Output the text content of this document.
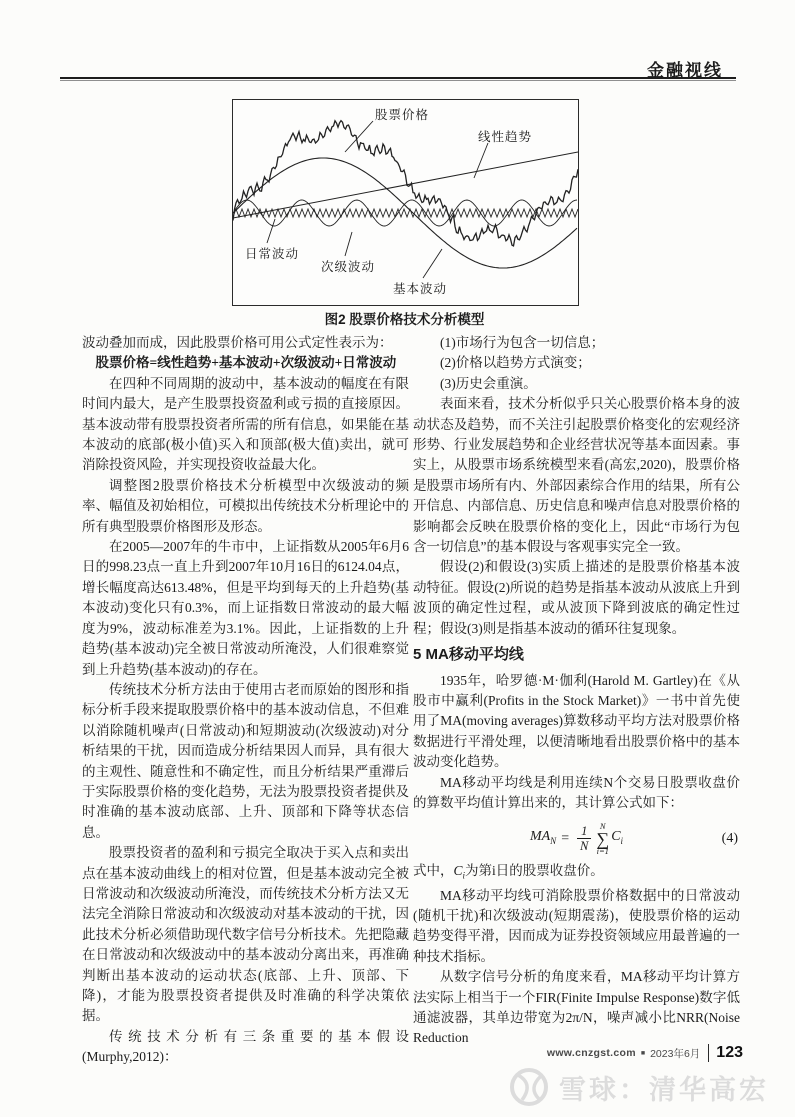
金融视线
股票价格
线性趋势
日常波动
次级波动
基本波动
图2 股票价格技术分析模型

波动叠加而成，因此股票价格可用公式定性表示为：

股票价格=线性趋势+基本波动+次级波动+日常波动

在四种不同周期的波动中，基本波动的幅度在有限时间内最大，是产生股票投资盈利或亏损的直接原因。基本波动带有股票投资者所需的所有信息，如果能在基本波动的底部(极小值)买入和顶部(极大值)卖出，就可消除投资风险，并实现投资收益最大化。

调整图2股票价格技术分析模型中次级波动的频率、幅值及初始相位，可模拟出传统技术分析理论中的所有典型股票价格图形及形态。

在2005—2007年的牛市中，上证指数从2005年6月6日的998.23点一直上升到2007年10月16日的6124.04点，增长幅度高达613.48%，但是平均到每天的上升趋势(基本波动)变化只有0.3%，而上证指数日常波动的最大幅度为9%，波动标准差为3.1%。因此，上证指数的上升趋势(基本波动)完全被日常波动所淹没，人们很难察觉到上升趋势(基本波动)的存在。

传统技术分析方法由于使用古老而原始的图形和指标分析手段来提取股票价格中的基本波动信息，不但难以消除随机噪声(日常波动)和短期波动(次级波动)对分析结果的干扰，因而造成分析结果因人而异，具有很大的主观性、随意性和不确定性，而且分析结果严重滞后于实际股票价格的变化趋势，无法为股票投资者提供及时准确的基本波动底部、上升、顶部和下降等状态信息。

股票投资者的盈利和亏损完全取决于买入点和卖出点在基本波动曲线上的相对位置，但是基本波动完全被日常波动和次级波动所淹没，而传统技术分析方法又无法完全消除日常波动和次级波动对基本波动的干扰，因此技术分析必须借助现代数字信号分析技术。先把隐藏在日常波动和次级波动中的基本波动分离出来，再准确判断出基本波动的运动状态(底部、上升、顶部、下降)，才能为股票投资者提供及时准确的科学决策依据。

传统技术分析有三条重要的基本假设(Murphy,2012)：

(1)市场行为包含一切信息；

(2)价格以趋势方式演变；

(3)历史会重演。

表面来看，技术分析似乎只关心股票价格本身的波动状态及趋势，而不关注引起股票价格变化的宏观经济形势、行业发展趋势和企业经营状况等基本面因素。事实上，从股票市场系统模型来看(高宏,2020)，股票价格是股票市场所有内、外部因素综合作用的结果，所有公开信息、内部信息、历史信息和噪声信息对股票价格的影响都会反映在股票价格的变化上，因此“市场行为包含一切信息”的基本假设与客观事实完全一致。

假设(2)和假设(3)实质上描述的是股票价格基本波动特征。假设(2)所说的趋势是指基本波动从波底上升到波顶的确定性过程，或从波顶下降到波底的确定性过程；假设(3)则是指基本波动的循环往复现象。

5 MA移动平均线

1935年，哈罗德·M·伽利(Harold M. Gartley)在《从股市中赢利(Profits in the Stock Market)》一书中首先使用了MA(moving averages)算数移动平均方法对股票价格数据进行平滑处理，以便清晰地看出股票价格中的基本波动变化趋势。

MA移动平均线是利用连续N个交易日股票收盘价的算数平均值计算出来的，其计算公式如下：

$MA_N = \frac{1}{N}$ N
∑
i=1
$C_i$	(4)

式中，$C_i$为第i日的股票收盘价。

MA移动平均线可消除股票价格数据中的日常波动(随机干扰)和次级波动(短期震荡)，使股票价格的运动趋势变得平滑，因而成为证券投资领域应用最普遍的一种技术指标。

从数字信号分析的角度来看，MA移动平均计算方法实际上相当于一个FIR(Finite Impulse Response)数字低通滤波器，其单边带宽为2π/N，噪声减小比NRR(Noise Reduction

www.cnzgst.com ■ 2023年6月 123
雪球：清华高宏
